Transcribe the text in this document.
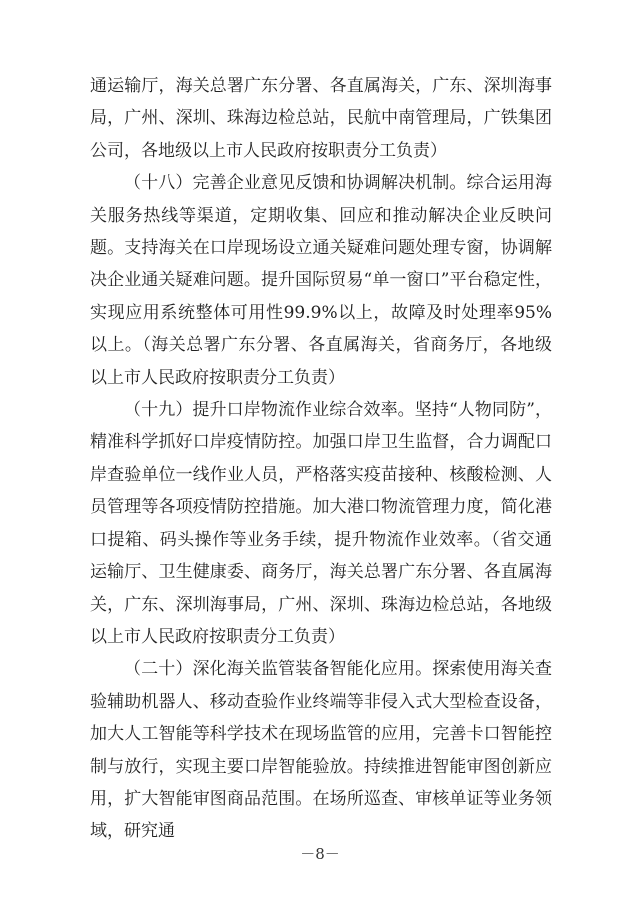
通运输厅，海关总署广东分署、各直属海关，广东、深圳海事局，广州、深圳、珠海边检总站，民航中南管理局，广铁集团公司，各地级以上市人民政府按职责分工负责）

（十八）完善企业意见反馈和协调解决机制。综合运用海关服务热线等渠道，定期收集、回应和推动解决企业反映问题。支持海关在口岸现场设立通关疑难问题处理专窗，协调解决企业通关疑难问题。提升国际贸易“单一窗口”平台稳定性，实现应用系统整体可用性99.9%以上，故障及时处理率95%以上。（海关总署广东分署、各直属海关，省商务厅，各地级以上市人民政府按职责分工负责）

（十九）提升口岸物流作业综合效率。坚持“人物同防”，精准科学抓好口岸疫情防控。加强口岸卫生监督，合力调配口岸查验单位一线作业人员，严格落实疫苗接种、核酸检测、人员管理等各项疫情防控措施。加大港口物流管理力度，简化港口提箱、码头操作等业务手续，提升物流作业效率。（省交通运输厅、卫生健康委、商务厅，海关总署广东分署、各直属海关，广东、深圳海事局，广州、深圳、珠海边检总站，各地级以上市人民政府按职责分工负责）

（二十）深化海关监管装备智能化应用。探索使用海关查验辅助机器人、移动查验作业终端等非侵入式大型检查设备，加大人工智能等科学技术在现场监管的应用，完善卡口智能控制与放行，实现主要口岸智能验放。持续推进智能审图创新应用，扩大智能审图商品范围。在场所巡查、审核单证等业务领域，研究通

－8－
